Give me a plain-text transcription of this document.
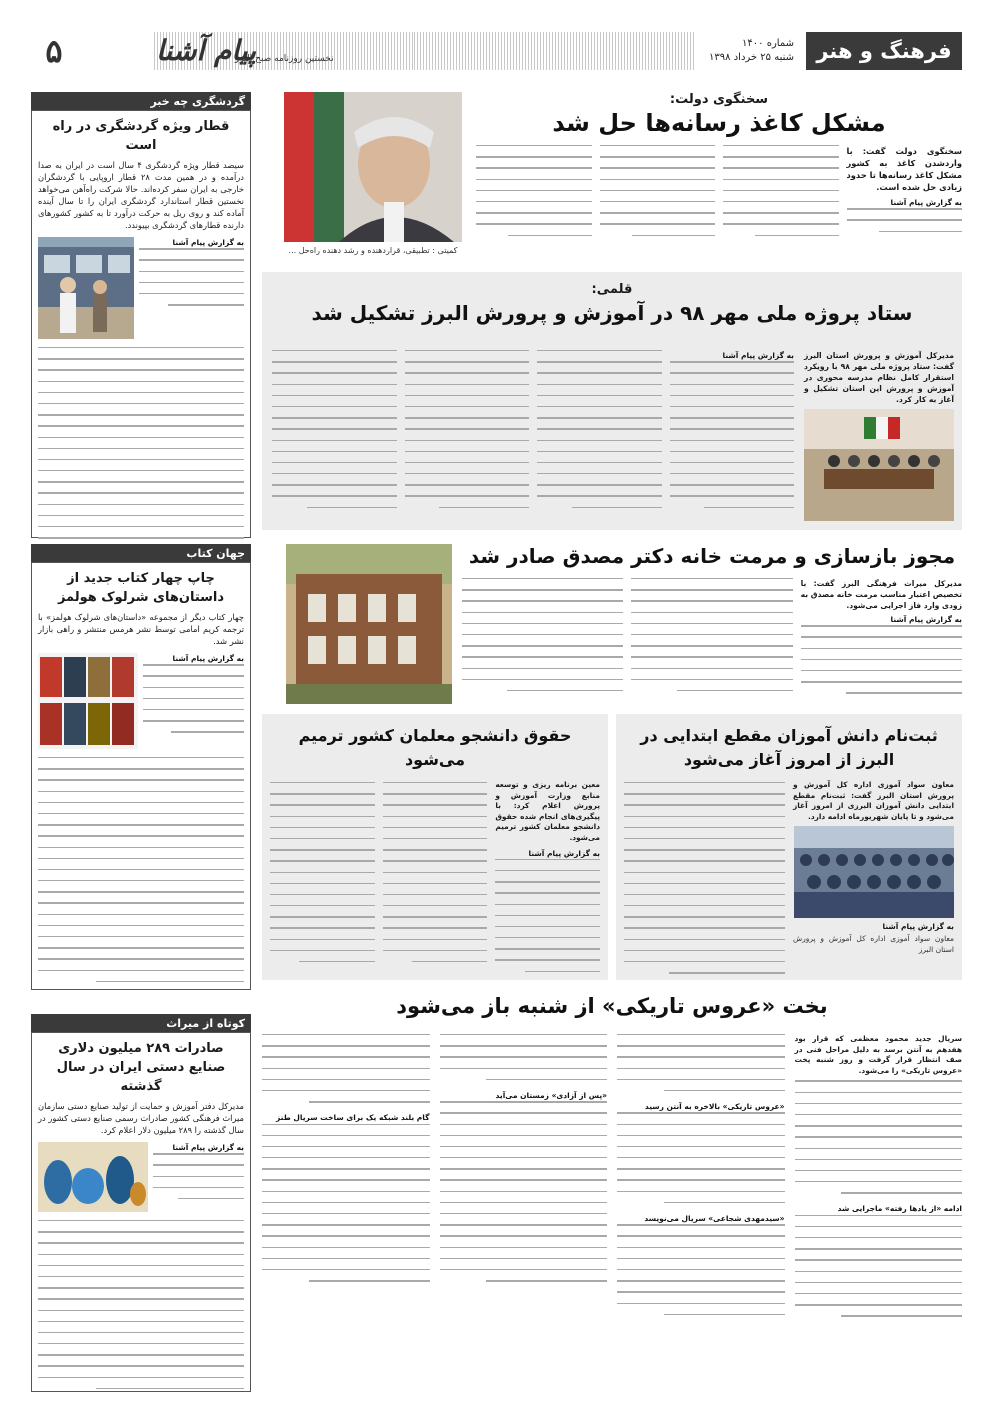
فرهنگ و هنر
شماره ۱۴۰۰
شنبه ۲۵ خرداد ۱۳۹۸
پیام آشنا
نخستین روزنامه صبح البرز
۵
گردشگری چه خبر
قطار ویژه گردشگری در راه است
سیصد قطار ویژه گردشگری ۴ سال است در ایران به صدا درآمده و در همین مدت ۲۸ قطار اروپایی با گردشگران خارجی به ایران سفر کرده‌اند. حالا شرکت راه‌آهن می‌خواهد نخستین قطار استاندارد گردشگری ایران را تا سال آینده آماده کند و روی ریل به حرکت درآورد تا به کشور کشورهای دارنده قطارهای گردشگری بپیوندد.
به گزارش پیام آشنا
جهان کتاب
چاپ چهار کتاب جدید از داستان‌های شرلوک هولمز
چهار کتاب دیگر از مجموعه «داستان‌های شرلوک هولمز» با ترجمه کریم امامی توسط نشر هرمس منتشر و راهی بازار نشر شد.
به گزارش پیام آشنا
کوتاه از میراث
صادرات ۲۸۹ میلیون دلاری صنایع دستی ایران در سال گذشته
مدیرکل دفتر آموزش و حمایت از تولید صنایع دستی سازمان میراث فرهنگی کشور صادرات رسمی صنایع دستی کشور در سال گذشته را ۲۸۹ میلیون دلار اعلام کرد.
به گزارش پیام آشنا
کمیتی : تطبیقی، قراردهنده و رشد دهنده راه‌حل ...
سخنگوی دولت:
مشکل کاغذ رسانه‌ها حل شد
سخنگوی دولت گفت: با واردشدن کاغذ به کشور مشکل کاغذ رسانه‌ها تا حدود زیادی حل شده است.
به گزارش پیام آشنا
قلمی:
ستاد پروژه ملی مهر ۹۸ در آموزش و پرورش البرز تشکیل شد
مدیرکل آموزش و پرورش استان البرز گفت: ستاد پروژه ملی مهر ۹۸ با رویکرد استقرار کامل نظام مدرسه محوری در آموزش و پرورش این استان تشکیل و آغاز به کار کرد.
به گزارش پیام آشنا
مجوز بازسازی و مرمت خانه دکتر مصدق صادر شد
مدیرکل میراث فرهنگی البرز گفت: با تخصیص اعتبار مناسب مرمت خانه مصدق به زودی وارد فاز اجرایی می‌شود.
به گزارش پیام آشنا
ثبت‌نام دانش آموزان مقطع ابتدایی در البرز از امروز آغاز می‌شود
معاون سواد آموزی اداره کل آموزش و پرورش استان البرز گفت: ثبت‌نام مقطع ابتدایی دانش آموزان البرزی از امروز آغاز می‌شود و تا پایان شهریورماه ادامه دارد.
به گزارش پیام آشنا
معاون سواد آموزی اداره کل آموزش و پرورش استان البرز
حقوق دانشجو معلمان کشور ترمیم می‌شود
معین برنامه ریزی و توسعه منابع وزارت آموزش و پرورش اعلام کرد: با پیگیری‌های انجام شده حقوق دانشجو معلمان کشور ترمیم می‌شود.
به گزارش پیام آشنا
بخت «عروس تاریکی» از شنبه باز می‌شود
سریال جدید محمود معظمی که قرار بود هفدهم به آنتن برسد به دلیل مراحل فنی در صف انتظار قرار گرفت و روز شنبه پخت «عروس تاریکی» را می‌شود.
ادامه «از یادها رفته» ماجرایی شد
«عروس تاریکی» بالاخره به آنتن رسید
«سیدمهدی شجاعی» سریال می‌نویسد
«پس از آزادی» زمستان می‌آید
گام بلند شبکه یک برای ساخت سریال طنز
